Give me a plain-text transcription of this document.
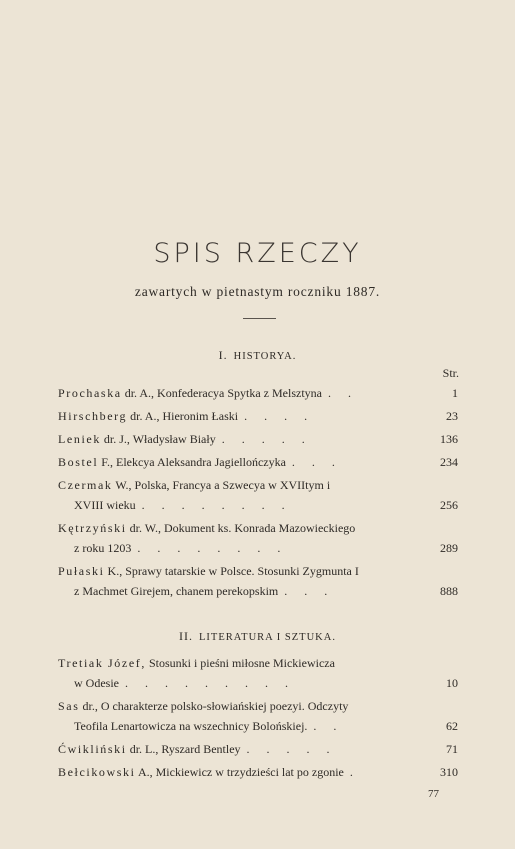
SPIS RZECZY
zawartych w pietnastym roczniku 1887.
I. HISTORYA.
Str.
Prochaska dr. A., Konfederacya Spytka z Melsztyna . .	1
Hirschberg dr. A., Hieronim Łaski . . . .	23
Leniek dr. J., Władysław Biały . . . . .	136
Bostel F., Elekcya Aleksandra Jagiellończyka . . .	234
Czermak W., Polska, Francya a Szwecya w XVIItym i
XVIII wieku . . . . . . . .	256
Kętrzyński dr. W., Dokument ks. Konrada Mazowieckiego
z roku 1203 . . . . . . . .	289
Pułaski K., Sprawy tatarskie w Polsce. Stosunki Zygmunta I
z Machmet Girejem, chanem perekopskim . . .	888
II. LITERATURA I SZTUKA.
Tretiak Józef, Stosunki i pieśni miłosne Mickiewicza
w Odesie . . . . . . . . .	10
Sas dr., O charakterze polsko-słowiańskiej poezyi. Odczyty
Teofila Lenartowicza na wszechnicy Bolońskiej. . .	62
Ćwikliński dr. L., Ryszard Bentley . . . . .	71
Bełcikowski A., Mickiewicz w trzydzieści lat po zgonie .	310
77
